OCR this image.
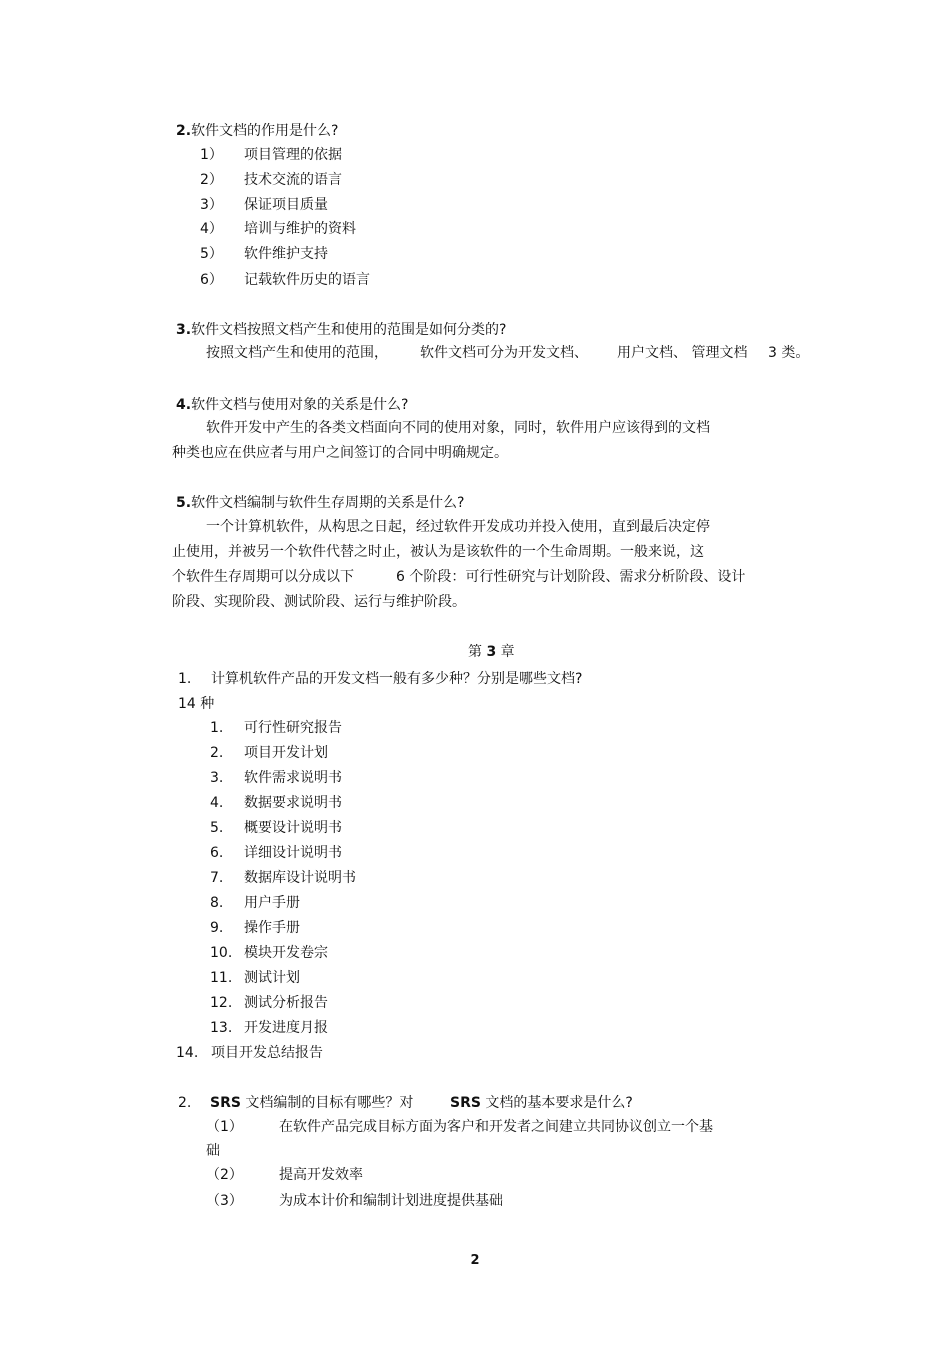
2.软件文档的作用是什么?
1） 项目管理的依据
2） 技术交流的语言
3） 保证项目质量
4） 培训与维护的资料
5） 软件维护支持
6） 记载软件历史的语言
3.软件文档按照文档产生和使用的范围是如何分类的?
按照文档产生和使用的范围， 软件文档可分为开发文档、 用户文档、 管理文档 3 类。
4.软件文档与使用对象的关系是什么?
软件开发中产生的各类文档面向不同的使用对象，同时，软件用户应该得到的文档
种类也应在供应者与用户之间签订的合同中明确规定。
5.软件文档编制与软件生存周期的关系是什么?
一个计算机软件，从构思之日起，经过软件开发成功并投入使用，直到最后决定停
止使用，并被另一个软件代替之时止，被认为是该软件的一个生命周期。一般来说，这
个软件生存周期可以分成以下	6 个阶段：可行性研究与计划阶段、需求分析阶段、设计
阶段、实现阶段、测试阶段、运行与维护阶段。
第 3 章
1. 计算机软件产品的开发文档一般有多少种？分别是哪些文档?
14 种
1. 可行性研究报告
2. 项目开发计划
3. 软件需求说明书
4. 数据要求说明书
5. 概要设计说明书
6. 详细设计说明书
7. 数据库设计说明书
8. 用户手册
9. 操作手册
10. 模块开发卷宗
11. 测试计划
12. 测试分析报告
13. 开发进度月报
14. 项目开发总结报告
2. SRS 文档编制的目标有哪些？对	SRS 文档的基本要求是什么?
（1）	在软件产品完成目标方面为客户和开发者之间建立共同协议创立一个基
础
（2）	提高开发效率
（3）	为成本计价和编制计划进度提供基础
2
